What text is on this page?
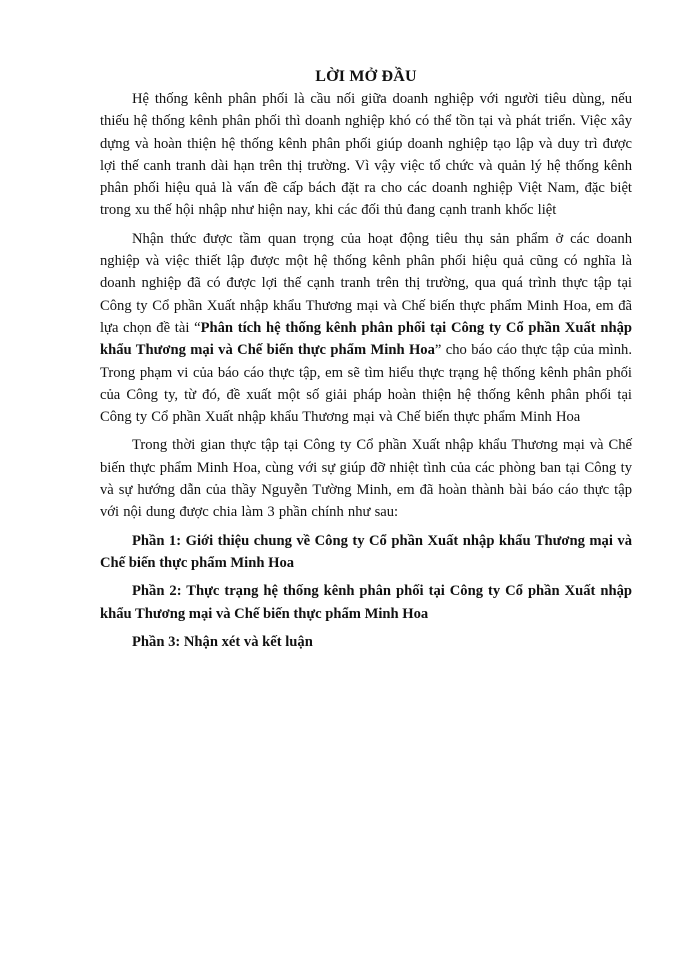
LỜI MỞ ĐẦU

Hệ thống kênh phân phối là cầu nối giữa doanh nghiệp với người tiêu dùng, nếu thiếu hệ thống kênh phân phối thì doanh nghiệp khó có thể tồn tại và phát triển. Việc xây dựng và hoàn thiện hệ thống kênh phân phối giúp doanh nghiệp tạo lập và duy trì được lợi thế canh tranh dài hạn trên thị trường. Vì vậy việc tổ chức và quản lý hệ thống kênh phân phối hiệu quả là vấn đề cấp bách đặt ra cho các doanh nghiệp Việt Nam, đặc biệt trong xu thế hội nhập như hiện nay, khi các đối thủ đang cạnh tranh khốc liệt

Nhận thức được tầm quan trọng của hoạt động tiêu thụ sản phẩm ở các doanh nghiệp và việc thiết lập được một hệ thống kênh phân phối hiệu quả cũng có nghĩa là doanh nghiệp đã có được lợi thế cạnh tranh trên thị trường, qua quá trình thực tập tại Công ty Cổ phần Xuất nhập khẩu Thương mại và Chế biến thực phẩm Minh Hoa, em đã lựa chọn đề tài “Phân tích hệ thống kênh phân phối tại Công ty Cổ phần Xuất nhập khẩu Thương mại và Chế biến thực phẩm Minh Hoa” cho báo cáo thực tập của mình. Trong phạm vi của báo cáo thực tập, em sẽ tìm hiểu thực trạng hệ thống kênh phân phối của Công ty, từ đó, đề xuất một số giải pháp hoàn thiện hệ thống kênh phân phối tại Công ty Cổ phần Xuất nhập khẩu Thương mại và Chế biến thực phẩm Minh Hoa

Trong thời gian thực tập tại Công ty Cổ phần Xuất nhập khẩu Thương mại và Chế biến thực phẩm Minh Hoa, cùng với sự giúp đỡ nhiệt tình của các phòng ban tại Công ty và sự hướng dẫn của thầy Nguyễn Tường Minh, em đã hoàn thành bài báo cáo thực tập với nội dung được chia làm 3 phần chính như sau:

Phần 1: Giới thiệu chung về Công ty Cổ phần Xuất nhập khẩu Thương mại và Chế biến thực phẩm Minh Hoa

Phần 2: Thực trạng hệ thống kênh phân phối tại Công ty Cổ phần Xuất nhập khẩu Thương mại và Chế biến thực phẩm Minh Hoa

Phần 3: Nhận xét và kết luận
